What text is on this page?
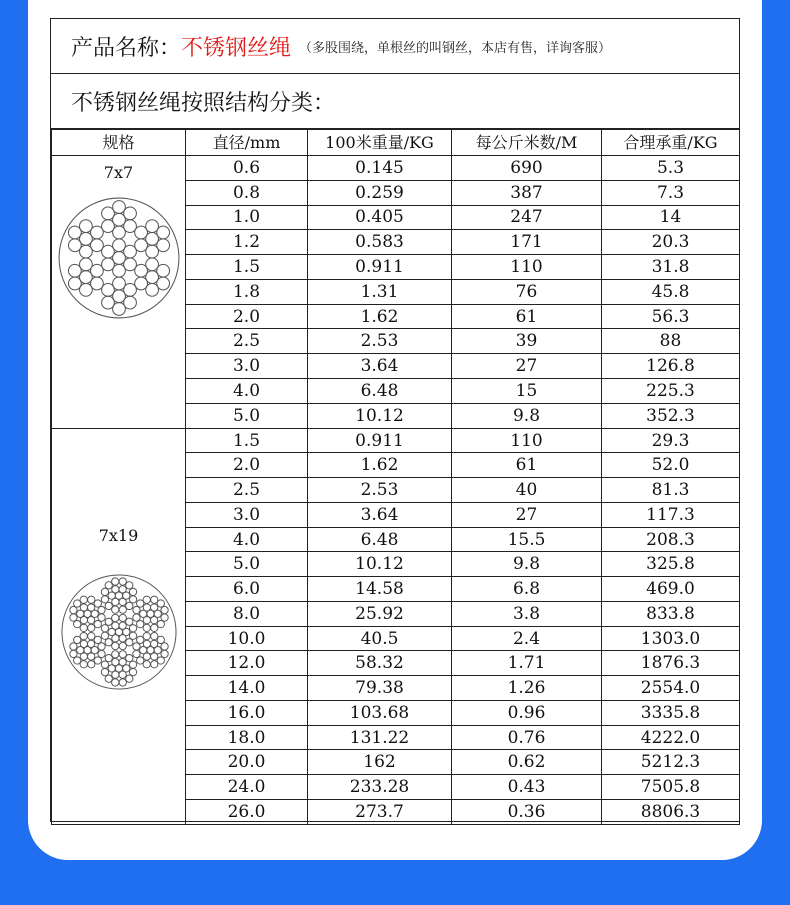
产品名称： 不锈钢丝绳 （多股围绕，单根丝的叫钢丝，本店有售，详询客服）
不锈钢丝绳按照结构分类：
规格	直径/mm	100米重量/KG	每公斤米数/M	合理承重/KG

7x7	0.6	0.145	690	5.3
	0.8	0.259	387	7.3
	1.0	0.405	247	14
	1.2	0.583	171	20.3
	1.5	0.911	110	31.8
	1.8	1.31	76	45.8
	2.0	1.62	61	56.3
	2.5	2.53	39	88
	3.0	3.64	27	126.8
	4.0	6.48	15	225.3
	5.0	10.12	9.8	352.3

7x19	1.5	0.911	110	29.3
	2.0	1.62	61	52.0
	2.5	2.53	40	81.3
	3.0	3.64	27	117.3
	4.0	6.48	15.5	208.3
	5.0	10.12	9.8	325.8
	6.0	14.58	6.8	469.0
	8.0	25.92	3.8	833.8
	10.0	40.5	2.4	1303.0
	12.0	58.32	1.71	1876.3
	14.0	79.38	1.26	2554.0
	16.0	103.68	0.96	3335.8
	18.0	131.22	0.76	4222.0
	20.0	162	0.62	5212.3
	24.0	233.28	0.43	7505.8
	26.0	273.7	0.36	8806.3
